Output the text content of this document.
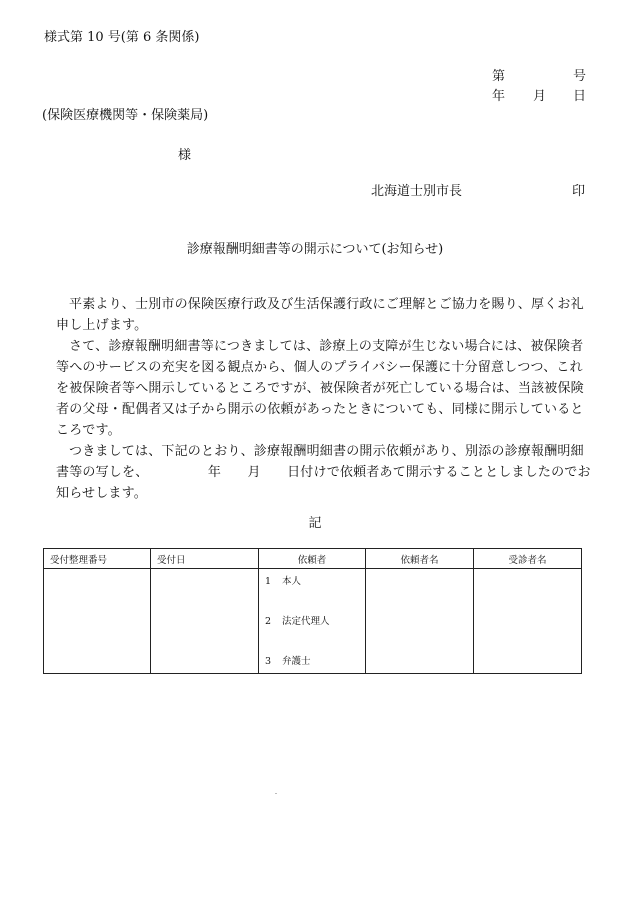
様式第 10 号(第 6 条関係)
第	号
年 月 日
(保険医療機関等・保険薬局)
様
北海道士別市長	印
診療報酬明細書等の開示について(お知らせ)

平素より、士別市の保険医療行政及び生活保護行政にご理解とご協力を賜り、厚くお礼申し上げます。

さて、診療報酬明細書等につきましては、診療上の支障が生じない場合には、被保険者等へのサービスの充実を図る観点から、個人のプライバシー保護に十分留意しつつ、これを被保険者等へ開示しているところですが、被保険者が死亡している場合は、当該被保険者の父母・配偶者又は子から開示の依頼があったときについても、同様に開示しているところです。

つきましては、下記のとおり、診療報酬明細書の開示依頼があり、別添の診療報酬明細書等の写しを、　　　　　年　　月　　日付けで依頼者あて開示することとしましたのでお知らせします。

記
受付整理番号	受付日	依頼者	依頼者名	受診者名

		1 本人
2 法定代理人
3 弁護士		
